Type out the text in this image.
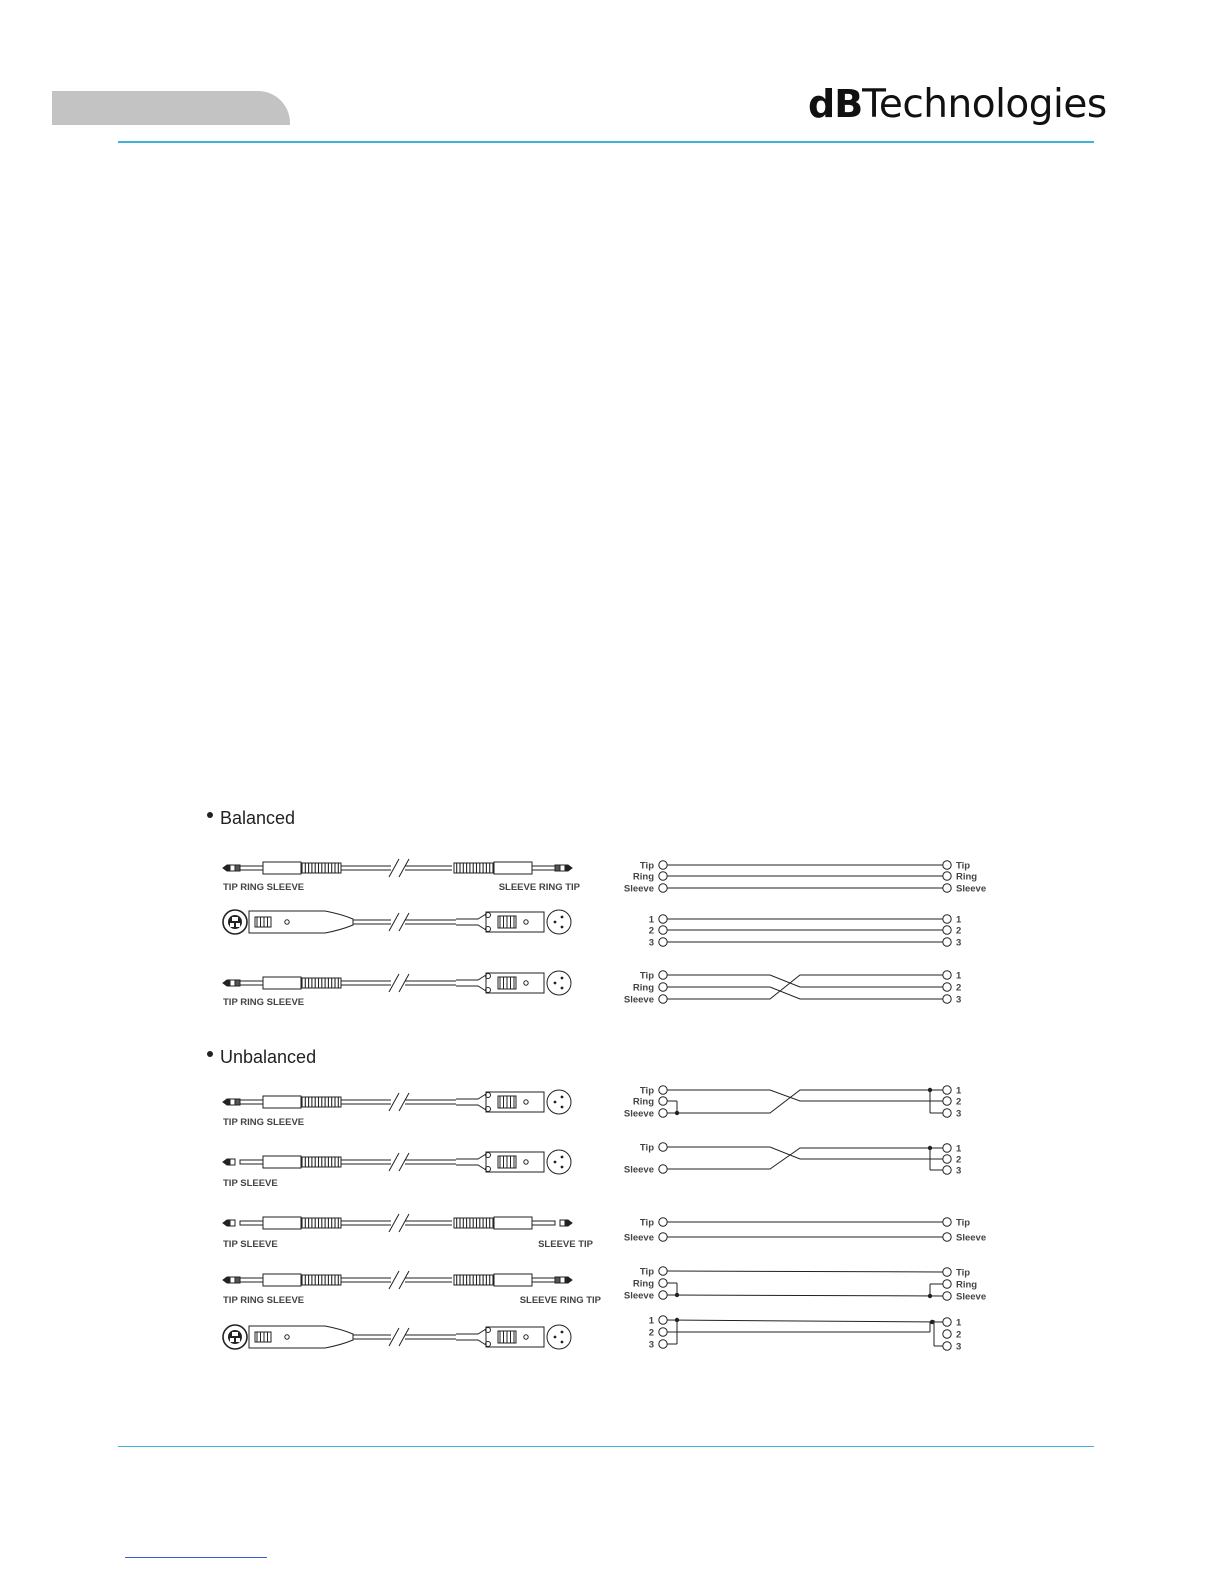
dBTechnologies
Balanced
TIP RING SLEEVE	SLEEVE RING TIP
Tip
Ring
Sleeve
Tip
Ring
Sleeve
1
2
3
1
2
3
TIP RING SLEEVE
Tip
Ring
Sleeve
1
2
3
Unbalanced
TIP RING SLEEVE
Tip
Ring
Sleeve
1
2
3
TIP SLEEVE
Tip
Sleeve
1
2
3
TIP SLEEVE	SLEEVE TIP
Tip
Sleeve
Tip
Sleeve
TIP RING SLEEVE	SLEEVE RING TIP
Tip
Ring
Sleeve
Tip
Ring
Sleeve
1
2
3
1
2
3
